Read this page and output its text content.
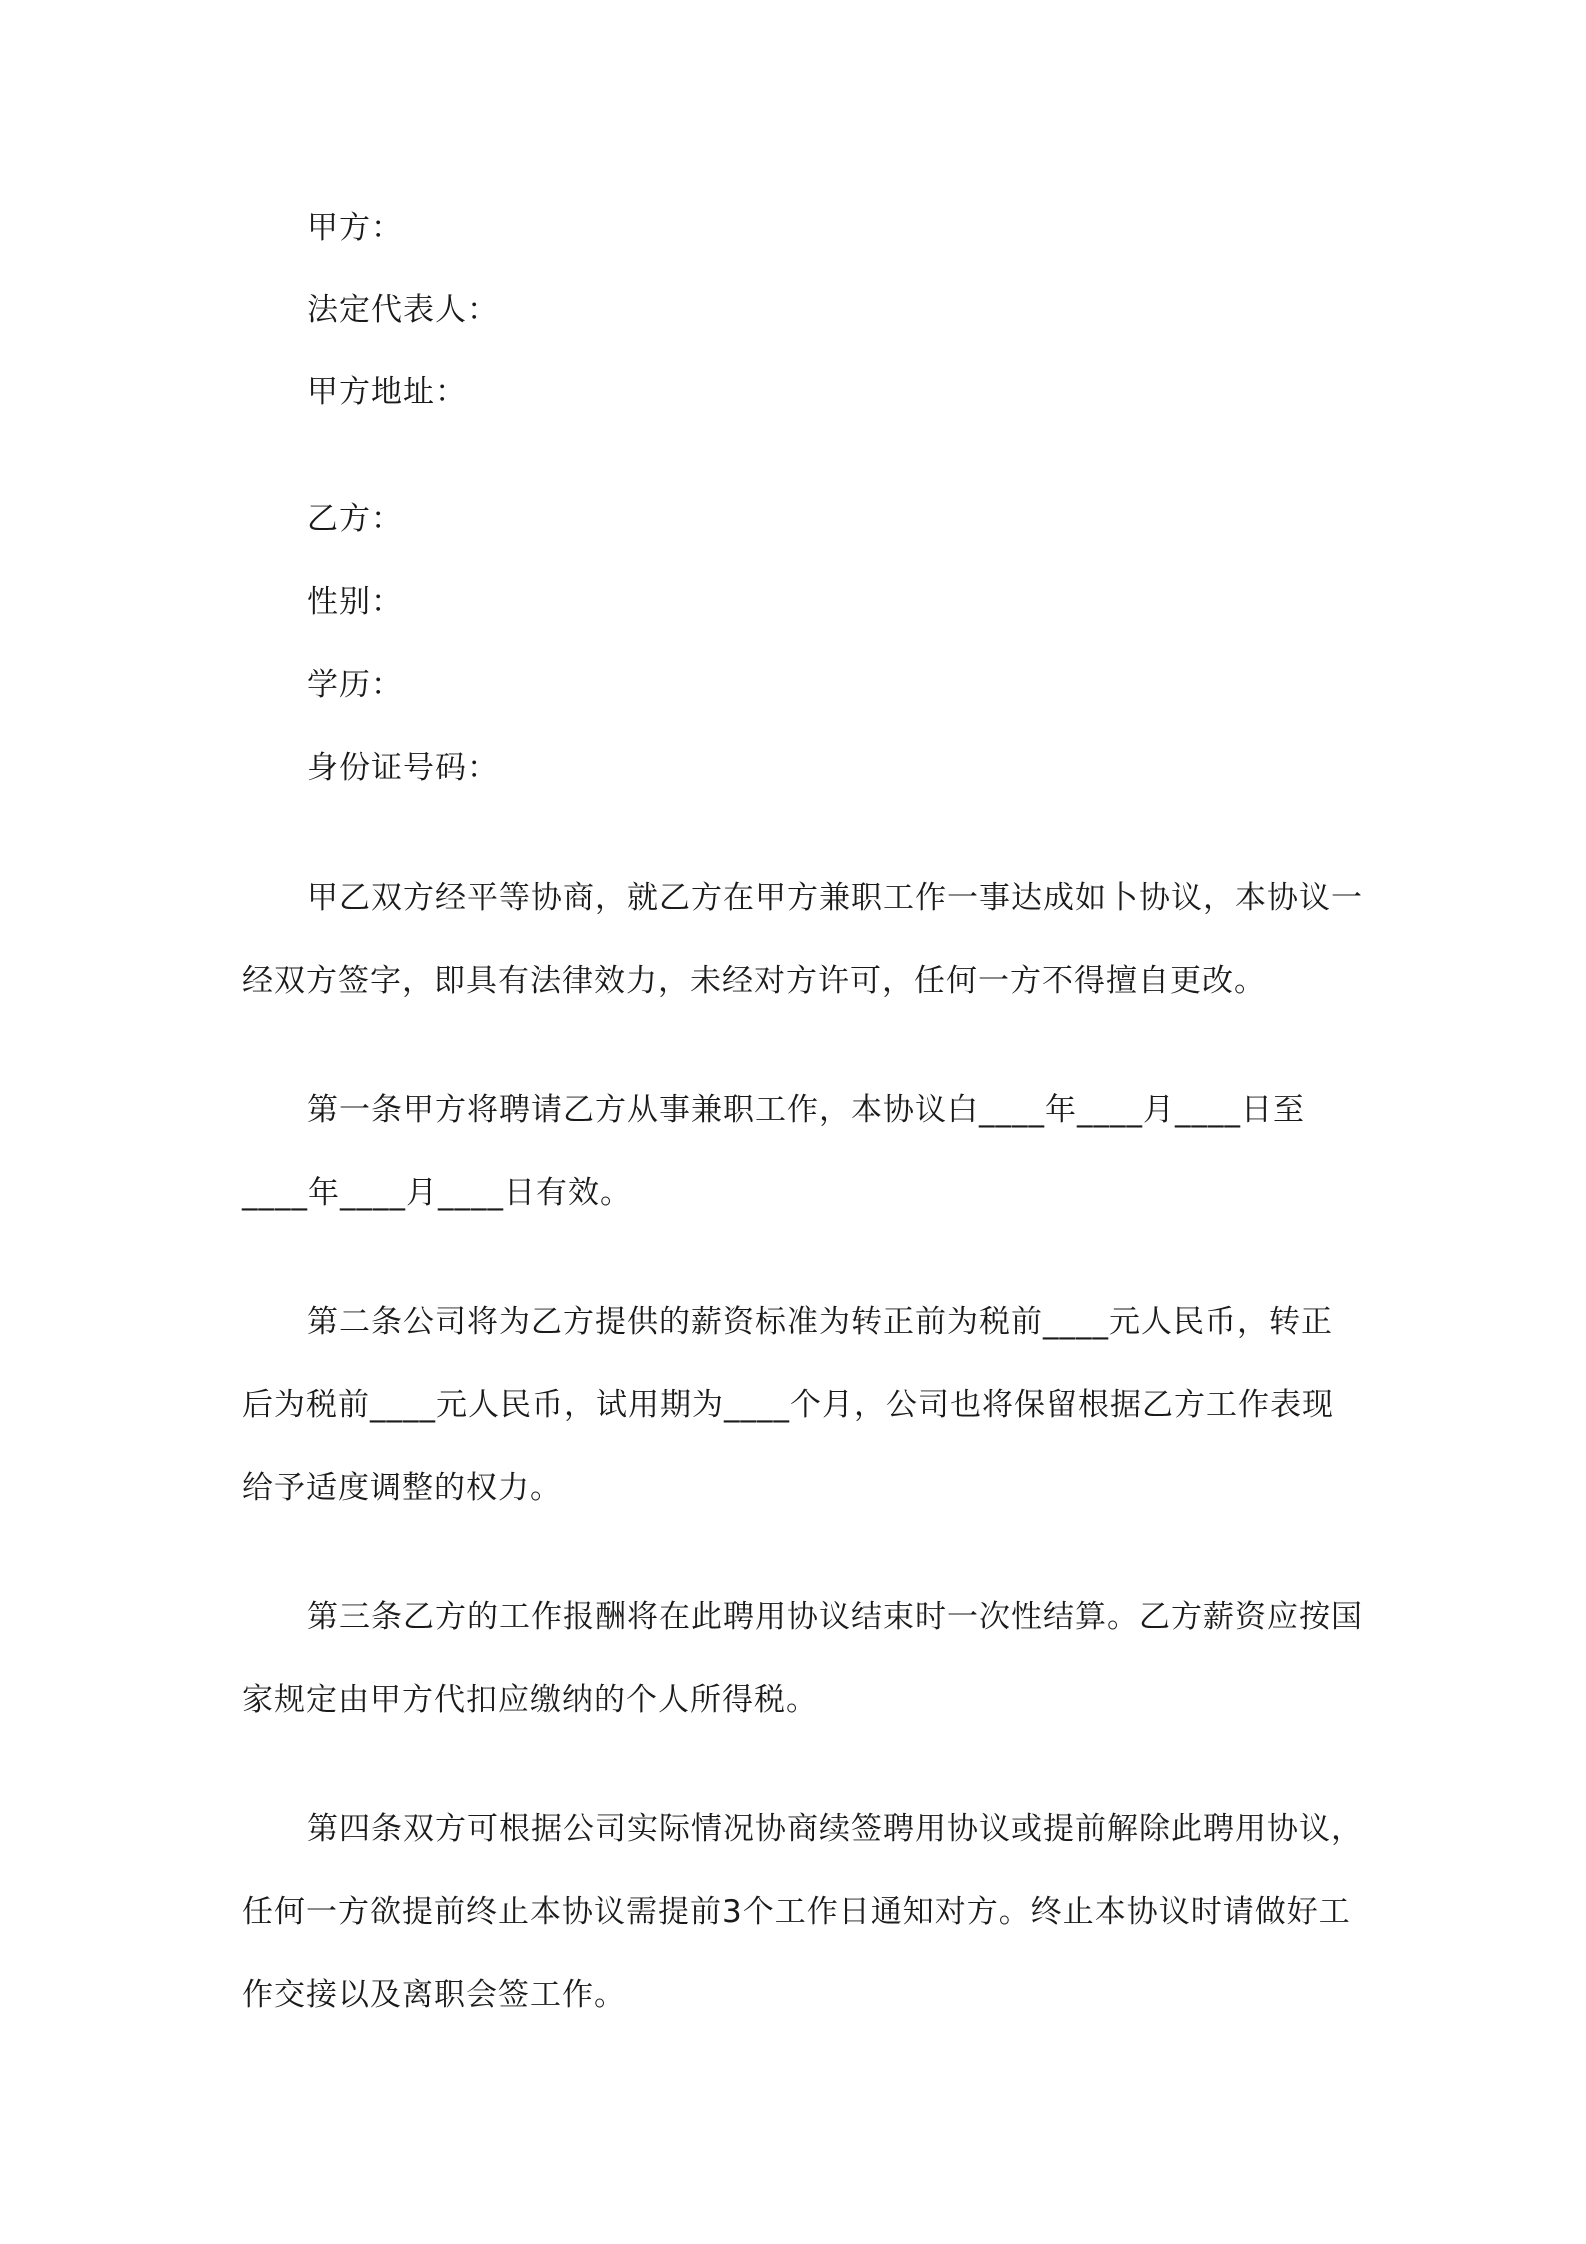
甲方：
法定代表人：
甲方地址：
乙方：
性别：
学历：
身份证号码：
甲乙双方经平等协商，就乙方在甲方兼职工作一事达成如卜协议，本协议一
经双方签字，即具有法律效力，未经对方许可，任何一方不得擅自更改。
第一条甲方将聘请乙方从事兼职工作，本协议白____年____月____日至
____年____月____日有效。
第二条公司将为乙方提供的薪资标准为转正前为税前____元人民币，转正
后为税前____元人民币，试用期为____个月，公司也将保留根据乙方工作表现
给予适度调整的权力。
第三条乙方的工作报酬将在此聘用协议结束时一次性结算。乙方薪资应按国
家规定由甲方代扣应缴纳的个人所得税。
第四条双方可根据公司实际情况协商续签聘用协议或提前解除此聘用协议，
任何一方欲提前终止本协议需提前3个工作日通知对方。终止本协议时请做好工
作交接以及离职会签工作。
